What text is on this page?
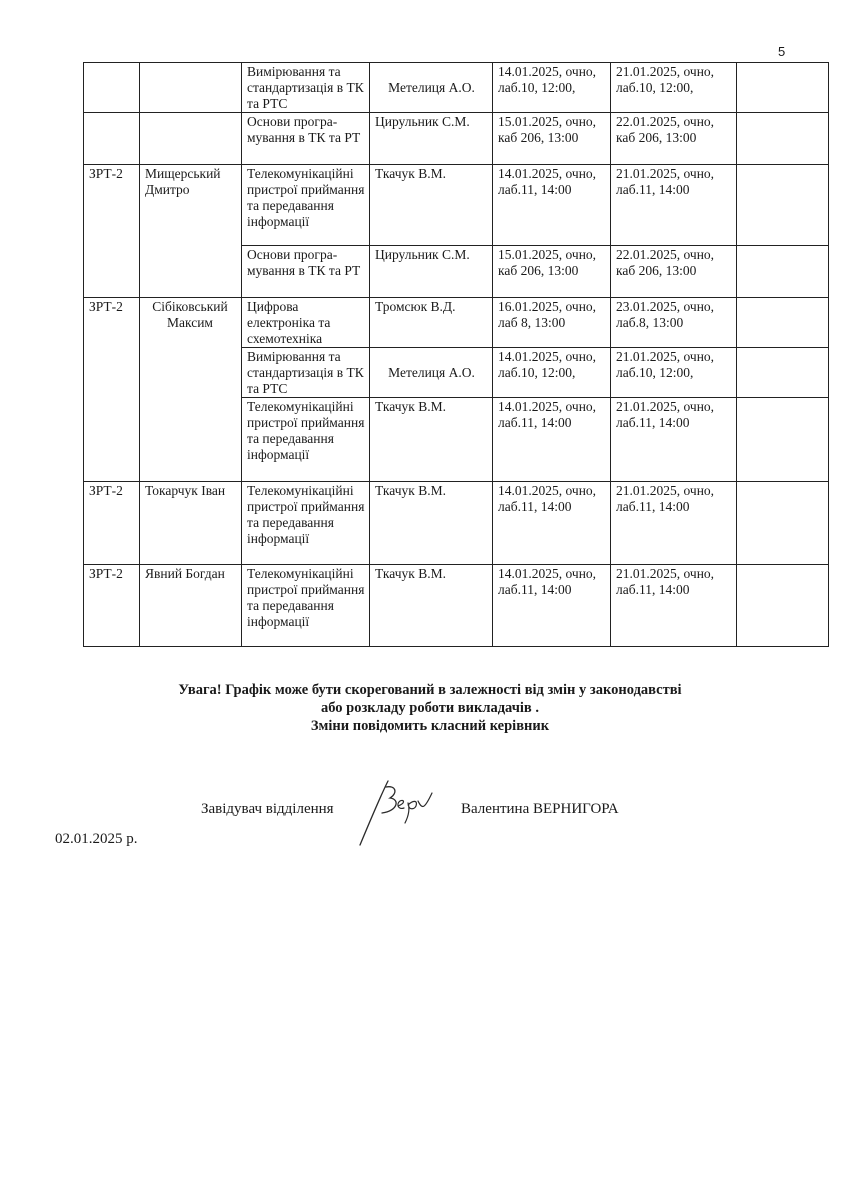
5
		Вимірювання та стандартизація в ТК та РТС	Метелиця А.О.	14.01.2025, очно, лаб.10, 12:00,	21.01.2025, очно, лаб.10, 12:00,	
		Основи програ-мування в ТК та РТ	Цирульник С.М.	15.01.2025, очно, каб 206, 13:00	22.01.2025, очно, каб 206, 13:00	
ЗРТ-2	Мищерський Дмитро	Телекомунікаційні пристрої приймання та передавання інформації	Ткачук В.М.	14.01.2025, очно, лаб.11, 14:00	21.01.2025, очно, лаб.11, 14:00	
		Основи програ-мування в ТК та РТ	Цирульник С.М.	15.01.2025, очно, каб 206, 13:00	22.01.2025, очно, каб 206, 13:00	
ЗРТ-2	Сібіковський Максим	Цифрова електроніка та схемотехніка	Тромсюк В.Д.	16.01.2025, очно, лаб 8, 13:00	23.01.2025, очно, лаб.8, 13:00	
		Вимірювання та стандартизація в ТК та РТС	Метелиця А.О.	14.01.2025, очно, лаб.10, 12:00,	21.01.2025, очно, лаб.10, 12:00,	
		Телекомунікаційні пристрої приймання та передавання інформації	Ткачук В.М.	14.01.2025, очно, лаб.11, 14:00	21.01.2025, очно, лаб.11, 14:00	
ЗРТ-2	Токарчук Іван	Телекомунікаційні пристрої приймання та передавання інформації	Ткачук В.М.	14.01.2025, очно, лаб.11, 14:00	21.01.2025, очно, лаб.11, 14:00	
ЗРТ-2	Явний Богдан	Телекомунікаційні пристрої приймання та передавання інформації	Ткачук В.М.	14.01.2025, очно, лаб.11, 14:00	21.01.2025, очно, лаб.11, 14:00	
Увага! Графік може бути скорегований в залежності від змін у законодавстві
або розкладу роботи викладачів .
Зміни повідомить класний керівник
Завідувач відділення	Валентина ВЕРНИГОРА
02.01.2025 р.
